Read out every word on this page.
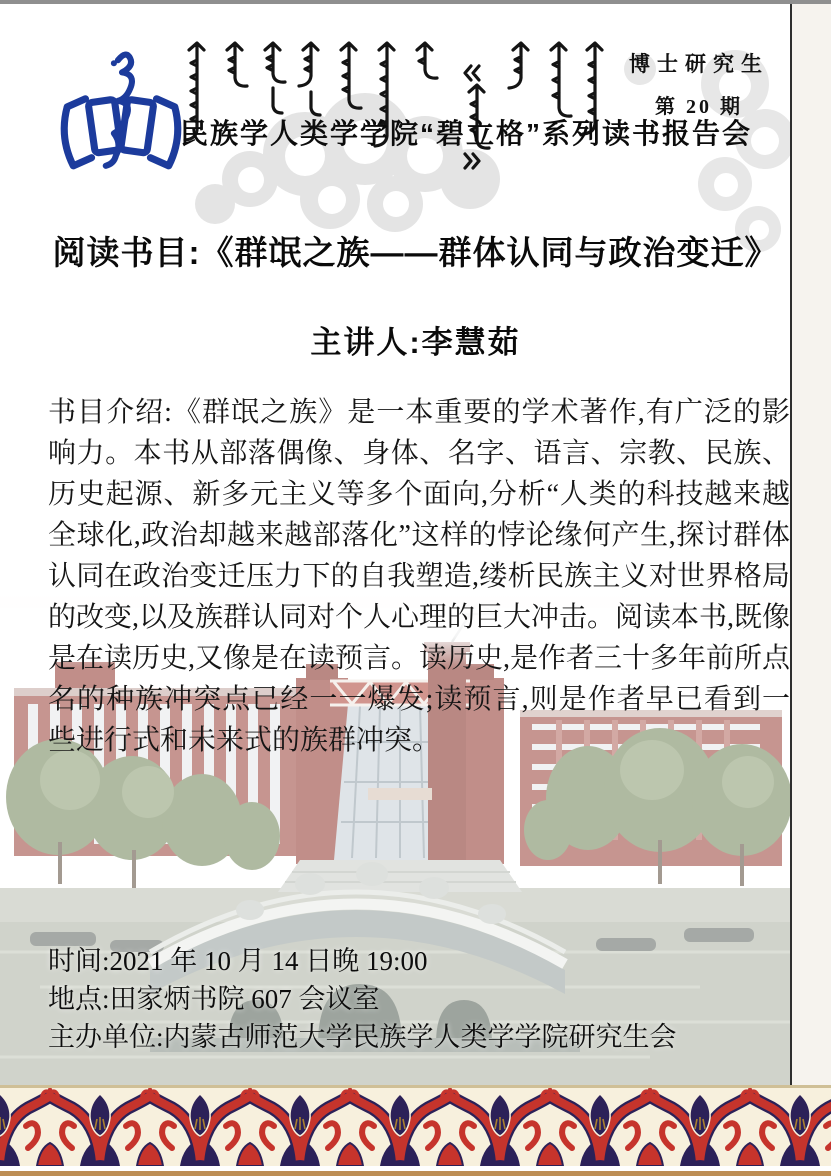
博士研究生
第 20 期
民族学人类学学院“碧立格”系列读书报告会
阅读书目:《群氓之族——群体认同与政治变迁》
主讲人:李慧茹
书目介绍:《群氓之族》是一本重要的学术著作,有广泛的影响力。本书从部落偶像、身体、名字、语言、宗教、民族、历史起源、新多元主义等多个面向,分析“人类的科技越来越全球化,政治却越来越部落化”这样的悖论缘何产生,探讨群体认同在政治变迁压力下的自我塑造,缕析民族主义对世界格局的改变,以及族群认同对个人心理的巨大冲击。阅读本书,既像是在读历史,又像是在读预言。读历史,是作者三十多年前所点名的种族冲突点已经一一爆发;读预言,则是作者早已看到一些进行式和未来式的族群冲突。
时间:2021 年 10 月 14 日晚 19:00
地点:田家炳书院 607 会议室
主办单位:内蒙古师范大学民族学人类学学院研究生会
